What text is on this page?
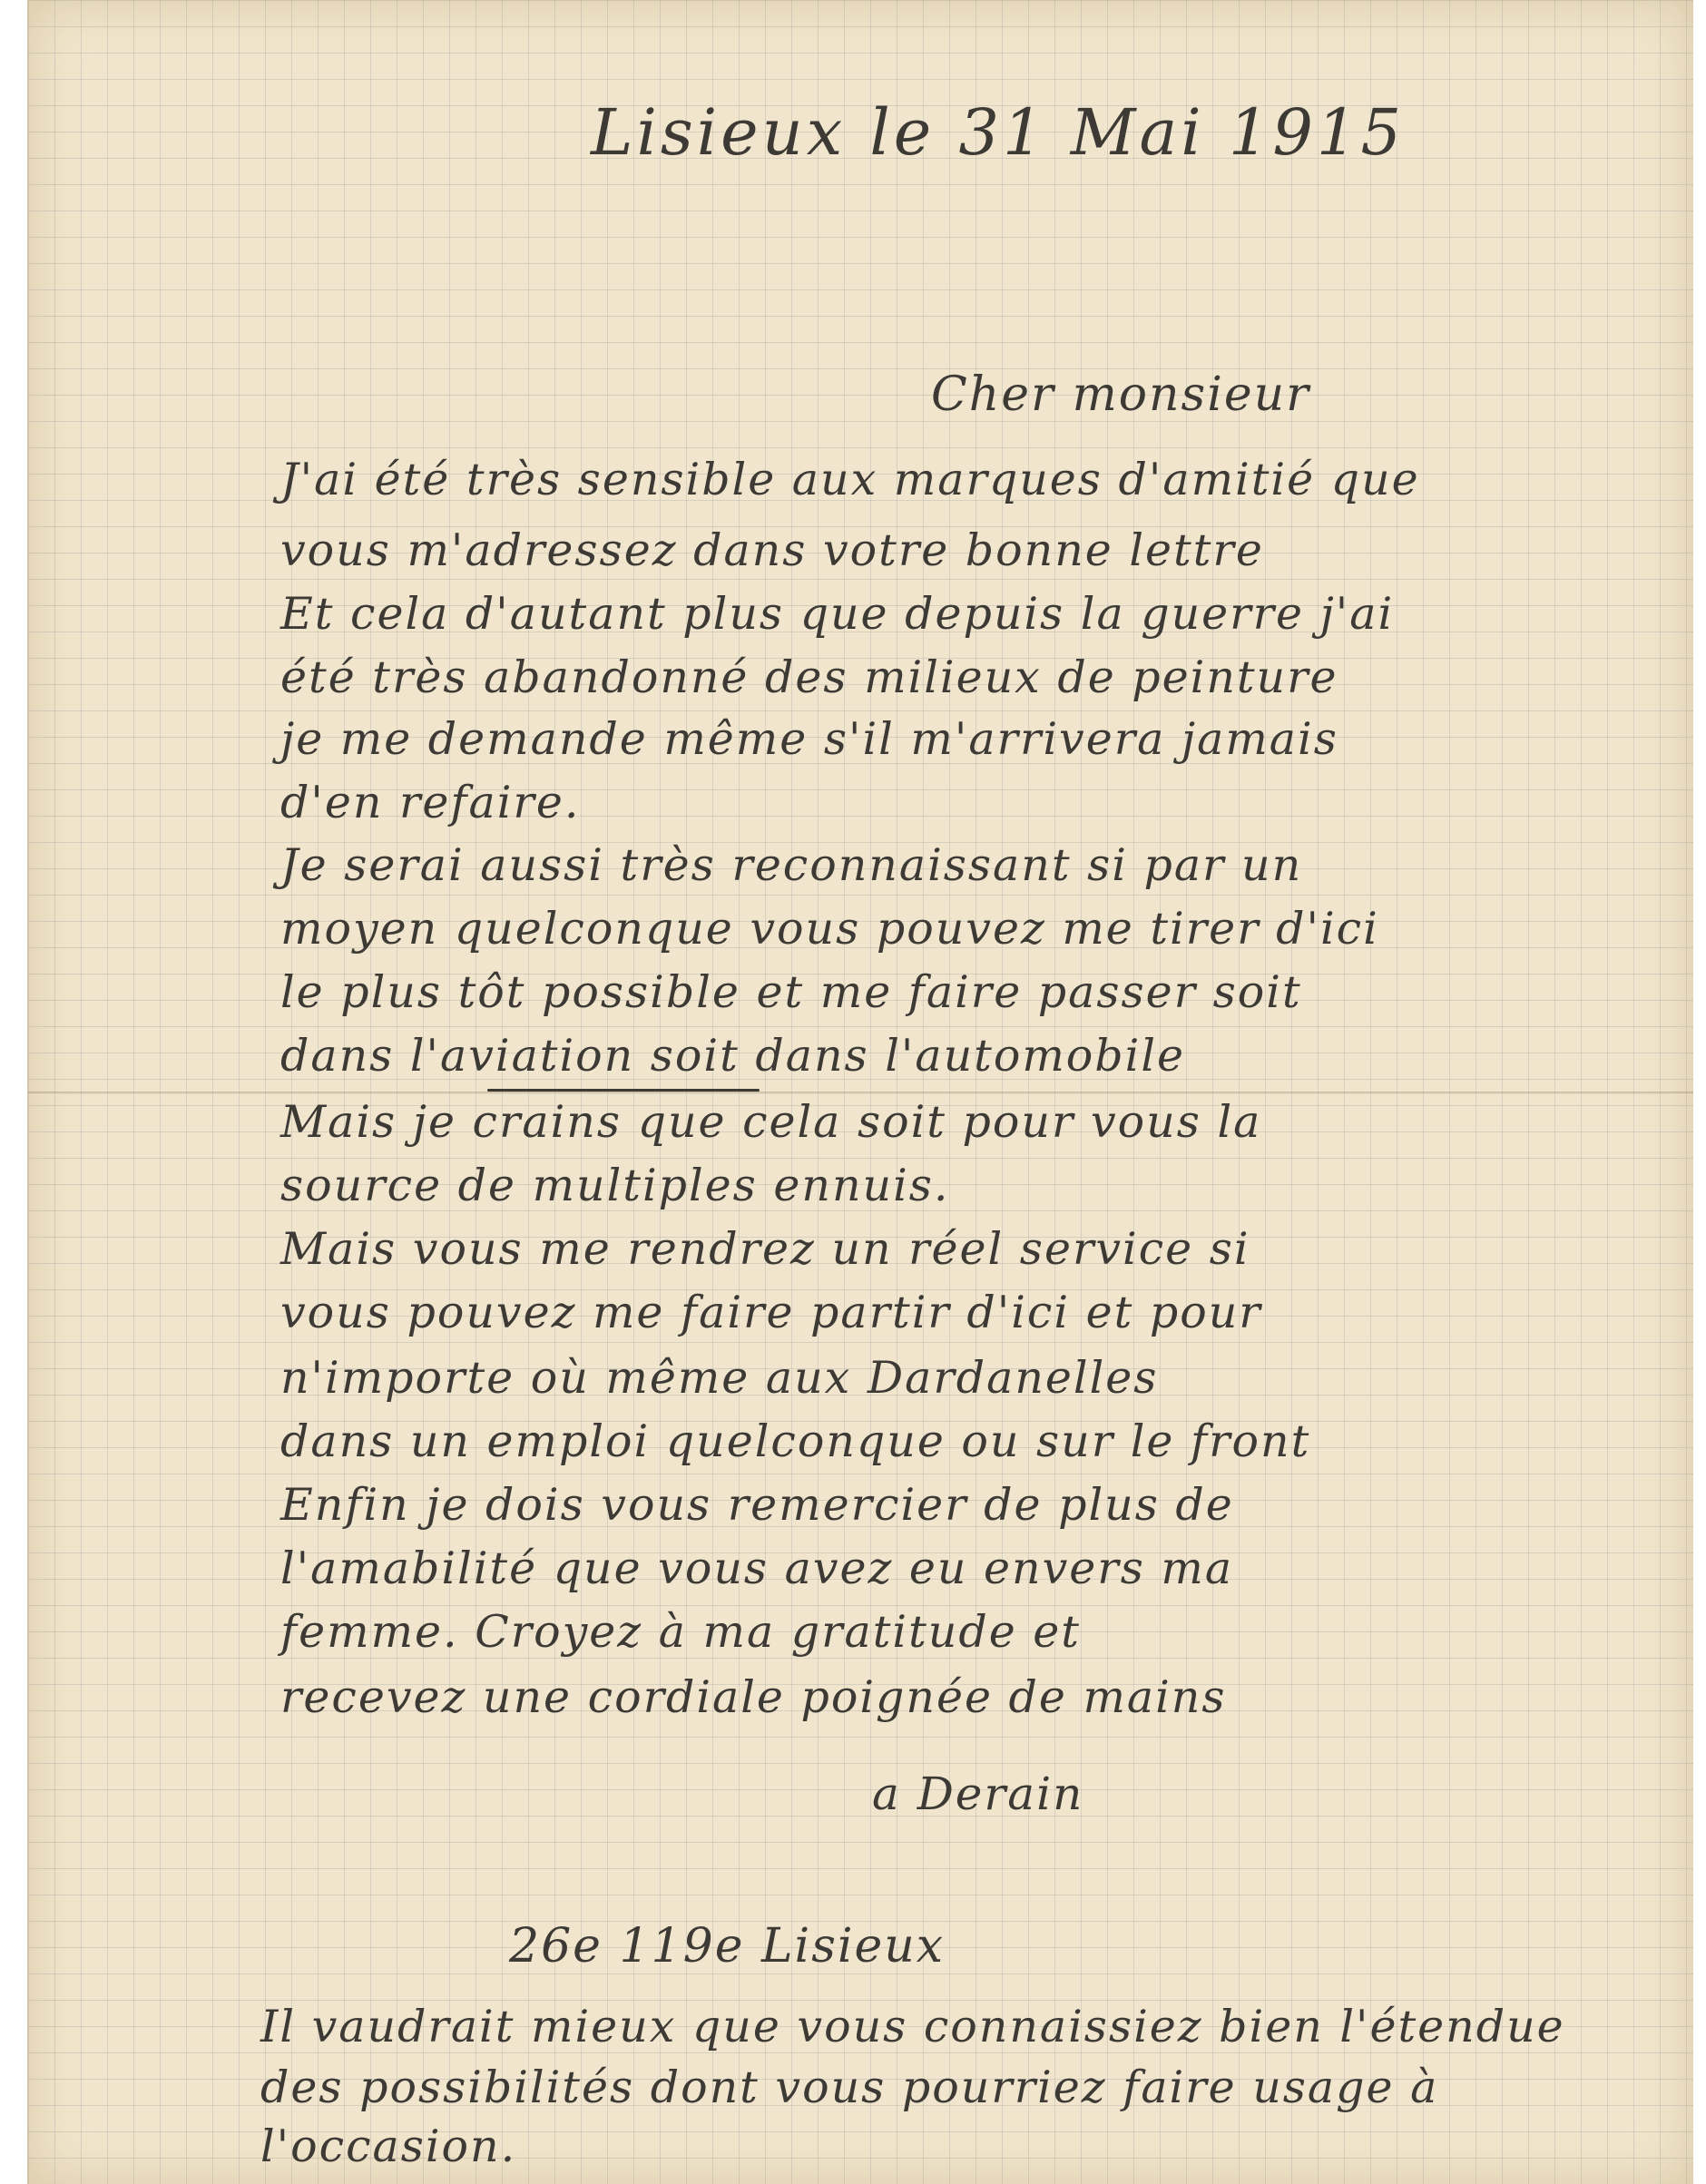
Lisieux le 31 Mai 1915
Cher monsieur
J'ai été très sensible aux marques d'amitié que
vous m'adressez dans votre bonne lettre
Et cela d'autant plus que depuis la guerre j'ai
été très abandonné des milieux de peinture
je me demande même s'il m'arrivera jamais
d'en refaire.
Je serai aussi très reconnaissant si par un
moyen quelconque vous pouvez me tirer d'ici
le plus tôt possible et me faire passer soit
dans l'aviation soit dans l'automobile
Mais je crains que cela soit pour vous la
source de multiples ennuis.
Mais vous me rendrez un réel service si
vous pouvez me faire partir d'ici et pour
n'importe où même aux Dardanelles
dans un emploi quelconque ou sur le front
Enfin je dois vous remercier de plus de
l'amabilité que vous avez eu envers ma
femme. Croyez à ma gratitude et
recevez une cordiale poignée de mains
a Derain
26e 119e Lisieux
Il vaudrait mieux que vous connaissiez bien l'étendue
des possibilités dont vous pourriez faire usage à
l'occasion.
